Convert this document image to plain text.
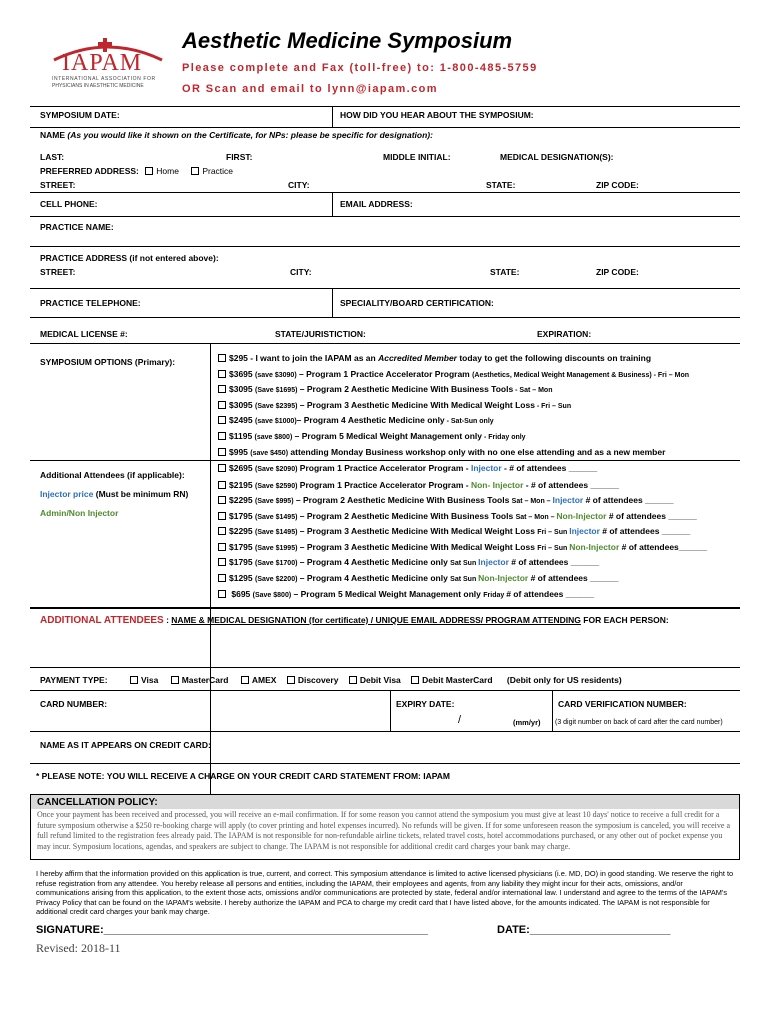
IAPAM
INTERNATIONAL ASSOCIATION FOR
PHYSICIANS IN AESTHETIC MEDICINE
Aesthetic Medicine Symposium
Please complete and Fax (toll-free) to: 1-800-485-5759
OR Scan and email to lynn@iapam.com
SYMPOSIUM DATE:	HOW DID YOU HEAR ABOUT THE SYMPOSIUM:
NAME (As you would like it shown on the Certificate, for NPs: please be specific for designation):
LAST:	FIRST:	MIDDLE INITIAL:	MEDICAL DESIGNATION(S):
PREFERRED ADDRESS: Home	Practice
STREET:	CITY:	STATE:	ZIP CODE:
CELL PHONE:	EMAIL ADDRESS:
PRACTICE NAME:
PRACTICE ADDRESS (if not entered above):
STREET:	CITY:	STATE:	ZIP CODE:
PRACTICE TELEPHONE:	SPECIALITY/BOARD CERTIFICATION:
MEDICAL LICENSE #:	STATE/JURISTICTION:	EXPIRATION:
SYMPOSIUM OPTIONS (Primary):	$295 - I want to join the IAPAM as an Accredited Member today to get the following discounts on training
$3695 (save $3090) – Program 1 Practice Accelerator Program (Aesthetics, Medical Weight Management & Business) - Fri – Mon
$3095 (Save $1695) – Program 2 Aesthetic Medicine With Business Tools - Sat – Mon
$3095 (Save $2395) – Program 3 Aesthetic Medicine With Medical Weight Loss - Fri – Sun
$2495 (save $1000)– Program 4 Aesthetic Medicine only - Sat-Sun only
$1195 (save $800) – Program 5 Medical Weight Management only - Friday only
$995 (save $450) attending Monday Business workshop only with no one else attending and as a new member
Additional Attendees (if applicable):
Injector price (Must be minimum RN)
Admin/Non Injector
$2695 (Save $2090) Program 1 Practice Accelerator Program - Injector - # of attendees ______
$2195 (Save $2590) Program 1 Practice Accelerator Program - Non- Injector - # of attendees ______
$2295 (Save $995) – Program 2 Aesthetic Medicine With Business Tools Sat – Mon – Injector # of attendees ______
$1795 (Save $1495) – Program 2 Aesthetic Medicine With Business Tools Sat – Mon – Non-Injector # of attendees ______
$2295 (Save $1495) – Program 3 Aesthetic Medicine With Medical Weight Loss Fri – Sun Injector # of attendees ______
$1795 (Save $1995) – Program 3 Aesthetic Medicine With Medical Weight Loss Fri – Sun Non-Injector # of attendees______
$1795 (Save $1700) – Program 4 Aesthetic Medicine only Sat Sun Injector # of attendees ______
$1295 (Save $2200) – Program 4 Aesthetic Medicine only Sat Sun Non-Injector # of attendees ______
$695 (Save $800) – Program 5 Medical Weight Management only Friday # of attendees ______
ADDITIONAL ATTENDEES : NAME & MEDICAL DESIGNATION (for certificate) / UNIQUE EMAIL ADDRESS/ PROGRAM ATTENDING FOR EACH PERSON:
PAYMENT TYPE:	Visa	MasterCard	AMEX	Discovery	Debit Visa	Debit MasterCard (Debit only for US residents)
CARD NUMBER:	EXPIRY DATE:
/	(mm/yr)
CARD VERIFICATION NUMBER:
(3 digit number on back of card after the card number)
NAME AS IT APPEARS ON CREDIT CARD:
* PLEASE NOTE: YOU WILL RECEIVE A CHARGE ON YOUR CREDIT CARD STATEMENT FROM: IAPAM
CANCELLATION POLICY:
Once your payment has been received and processed, you will receive an e-mail confirmation. If for some reason you cannot attend the symposium you must give at least 10 days' notice to receive a full credit for a future symposium otherwise a $250 re-booking charge will apply (to cover printing and hotel expenses incurred). No refunds will be given. If for some unforeseen reason the symposium is canceled, you will receive a full refund limited to the registration fees already paid. The IAPAM is not responsible for non-refundable airline tickets, related travel costs, hotel accommodations purchased, or any other out of pocket expense you may incur. Symposium locations, agendas, and speakers are subject to change. The IAPAM is not responsible for additional credit card charges your bank may charge.
I hereby affirm that the information provided on this application is true, current, and correct. This symposium attendance is limited to active licensed physicians (i.e. MD, DO) in good standing. We reserve the right to refuse registration from any attendee. You hereby release all persons and entities, including the IAPAM, their employees and agents, from any liability they might incur for their acts, omissions, and/or communications arising from this application, to the extent those acts, omissions and/or communications are protected by state, federal and/or international law. I understand and agree to the terms of the IAPAM's Privacy Policy that can be found on the IAPAM's website. I hereby authorize the IAPAM and PCA to charge my credit card that I have listed above, for the amounts indicated. The IAPAM is not responsible for additional credit card charges your bank may charge.
SIGNATURE:_____________________________________________________	DATE:_______________________
Revised: 2018-11
